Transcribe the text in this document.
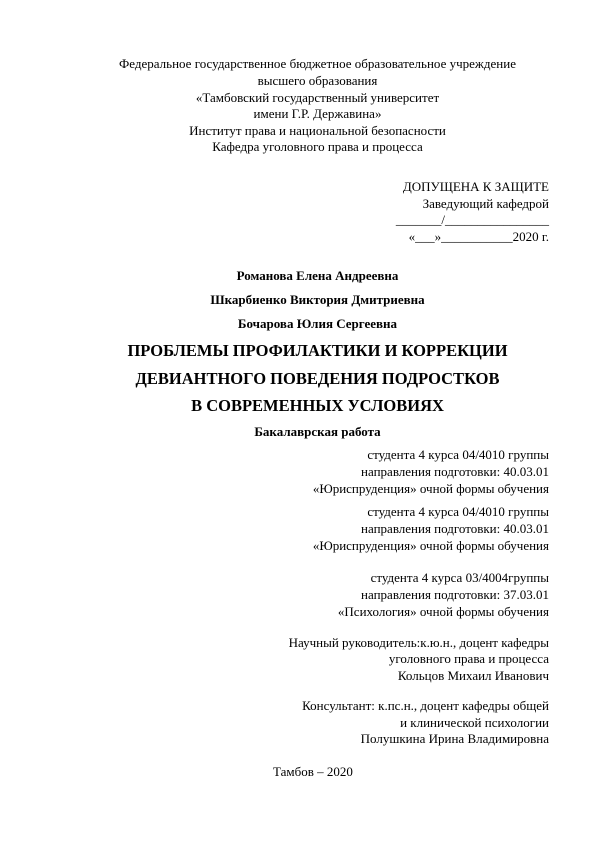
Федеральное государственное бюджетное образовательное учреждение
высшего образования
«Тамбовский государственный университет
имени Г.Р. Державина»
Институт права и национальной безопасности
Кафедра уголовного права и процесса
ДОПУЩЕНА К ЗАЩИТЕ
Заведующий кафедрой
_______/________________
«___»___________2020 г.
Романова Елена Андреевна
Шкарбиенко Виктория Дмитриевна
Бочарова Юлия Сергеевна
ПРОБЛЕМЫ ПРОФИЛАКТИКИ И КОРРЕКЦИИ
ДЕВИАНТНОГО ПОВЕДЕНИЯ ПОДРОСТКОВ
В СОВРЕМЕННЫХ УСЛОВИЯХ
Бакалаврская работа
студента 4 курса 04/4010 группы
направления подготовки: 40.03.01
«Юриспруденция» очной формы обучения
студента 4 курса 04/4010 группы
направления подготовки: 40.03.01
«Юриспруденция» очной формы обучения
студента 4 курса 03/4004группы
направления подготовки: 37.03.01
«Психология» очной формы обучения
Научный руководитель:к.ю.н., доцент кафедры
уголовного права и процесса
Кольцов Михаил Иванович
Консультант: к.пс.н., доцент кафедры общей
и клинической психологии
Полушкина Ирина Владимировна
Тамбов – 2020
